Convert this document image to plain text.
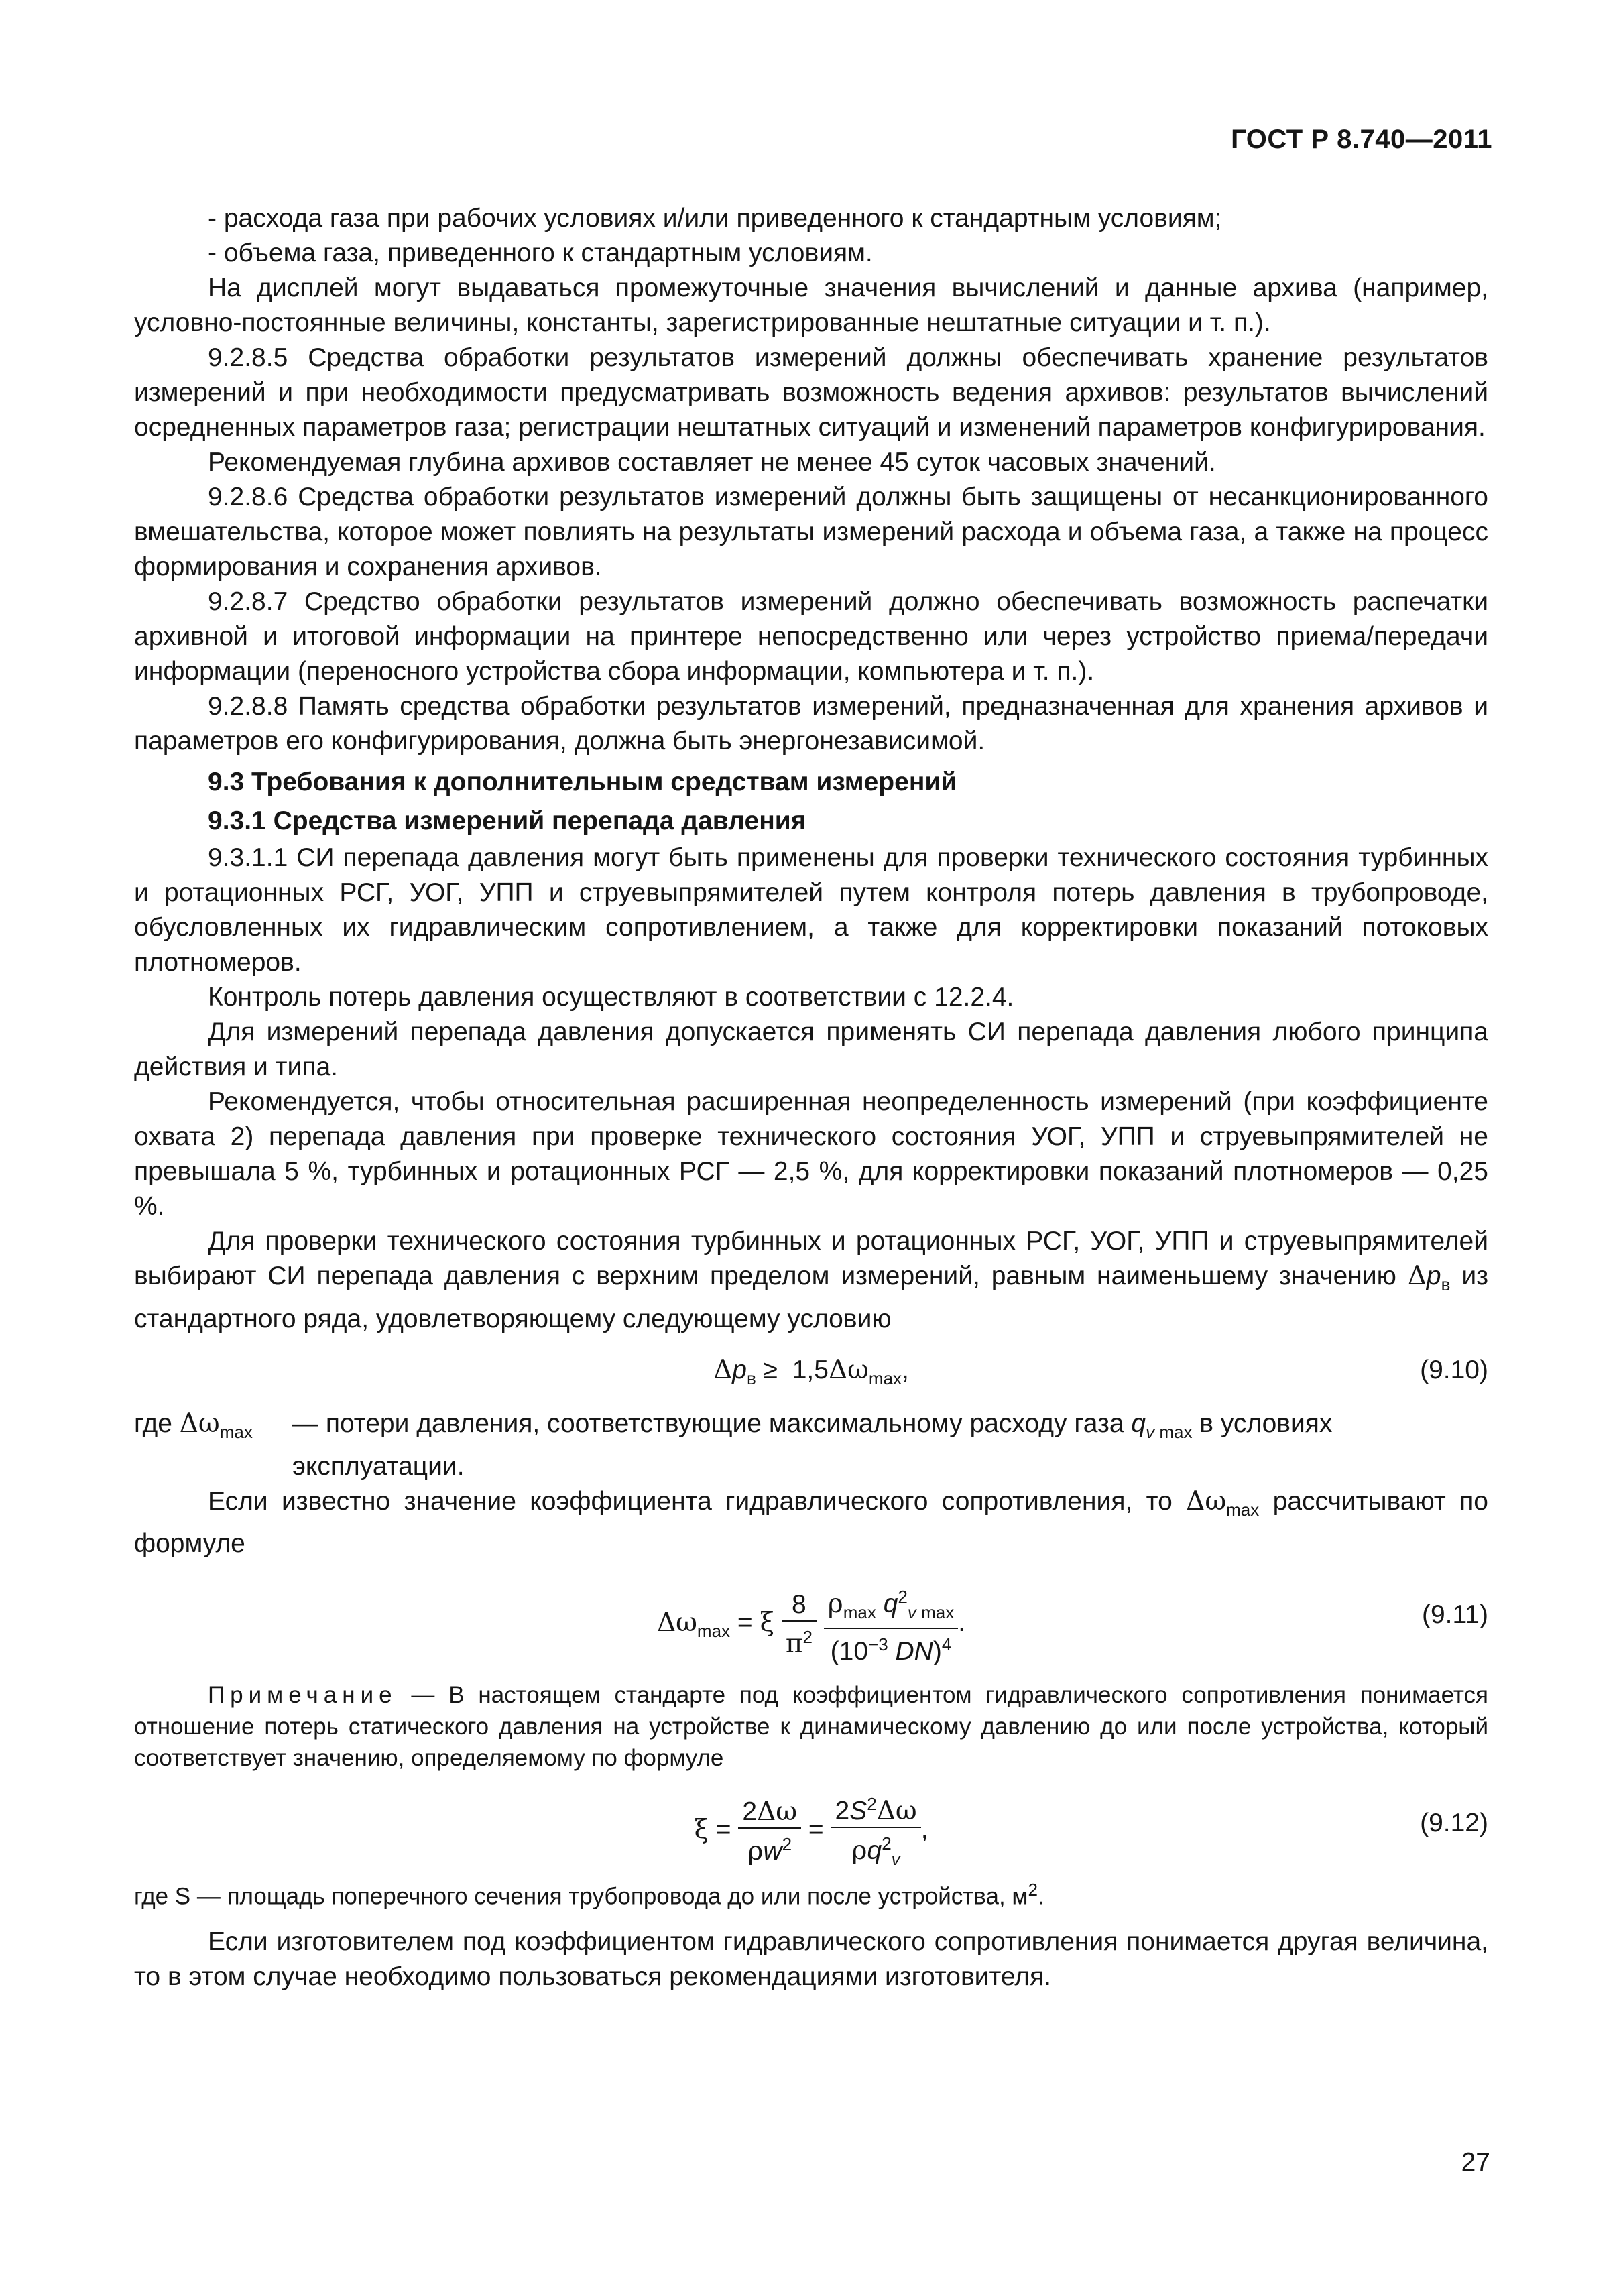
ГОСТ Р 8.740—2011

- расхода газа при рабочих условиях и/или приведенного к стандартным условиям;

- объема газа, приведенного к стандартным условиям.

На дисплей могут выдаваться промежуточные значения вычислений и данные архива (например, условно-постоянные величины, константы, зарегистрированные нештатные ситуации и т. п.).

9.2.8.5 Средства обработки результатов измерений должны обеспечивать хранение результатов измерений и при необходимости предусматривать возможность ведения архивов: результатов вычислений осредненных параметров газа; регистрации нештатных ситуаций и изменений параметров конфигурирования.

Рекомендуемая глубина архивов составляет не менее 45 суток часовых значений.

9.2.8.6 Средства обработки результатов измерений должны быть защищены от несанкционированного вмешательства, которое может повлиять на результаты измерений расхода и объема газа, а также на процесс формирования и сохранения архивов.

9.2.8.7 Средство обработки результатов измерений должно обеспечивать возможность распечатки архивной и итоговой информации на принтере непосредственно или через устройство приема/передачи информации (переносного устройства сбора информации, компьютера и т. п.).

9.2.8.8 Память средства обработки результатов измерений, предназначенная для хранения архивов и параметров его конфигурирования, должна быть энергонезависимой.

9.3 Требования к дополнительным средствам измерений

9.3.1 Средства измерений перепада давления

9.3.1.1 СИ перепада давления могут быть применены для проверки технического состояния турбинных и ротационных РСГ, УОГ, УПП и струевыпрямителей путем контроля потерь давления в трубопроводе, обусловленных их гидравлическим сопротивлением, а также для корректировки показаний потоковых плотномеров.

Контроль потерь давления осуществляют в соответствии с 12.2.4.

Для измерений перепада давления допускается применять СИ перепада давления любого принципа действия и типа.

Рекомендуется, чтобы относительная расширенная неопределенность измерений (при коэффициенте охвата 2) перепада давления при проверке технического состояния УОГ, УПП и струевыпрямителей не превышала 5 %, турбинных и ротационных РСГ — 2,5 %, для корректировки показаний плотномеров — 0,25 %.

Для проверки технического состояния турбинных и ротационных РСГ, УОГ, УПП и струевыпрямителей выбирают СИ перепада давления с верхним пределом измерений, равным наименьшему значению $\Delta p_в$ из стандартного ряда, удовлетворяющему следующему условию

$\Delta p_в \ge 1,5\Delta\omega_{max}$,	(9.10)

где $\Delta\omega_{max}$ — потери давления, соответствующие максимальному расходу газа $q_{v max}$ в условиях эксплуатации.

Если известно значение коэффициента гидравлического сопротивления, то $\Delta\omega_{max}$ рассчитывают по формуле

$\Delta\omega_{max} = \xi \frac{8}{\pi^2}$
$\frac{\rho_{max} q^2_{v max}}{(10^{-3} DN)^4}$ .	(9.11)

Примечание — В настоящем стандарте под коэффициентом гидравлического сопротивления понимается отношение потерь статического давления на устройстве к динамическому давлению до или после устройства, который соответствует значению, определяемому по формуле

$\xi = \frac{2\Delta\omega}{\rho w^2} = \frac{2S^2\Delta\omega}{\rho q^2_v}$ ,	(9.12)

где S — площадь поперечного сечения трубопровода до или после устройства, $м^2$.

Если изготовителем под коэффициентом гидравлического сопротивления понимается другая величина, то в этом случае необходимо пользоваться рекомендациями изготовителя.

27
